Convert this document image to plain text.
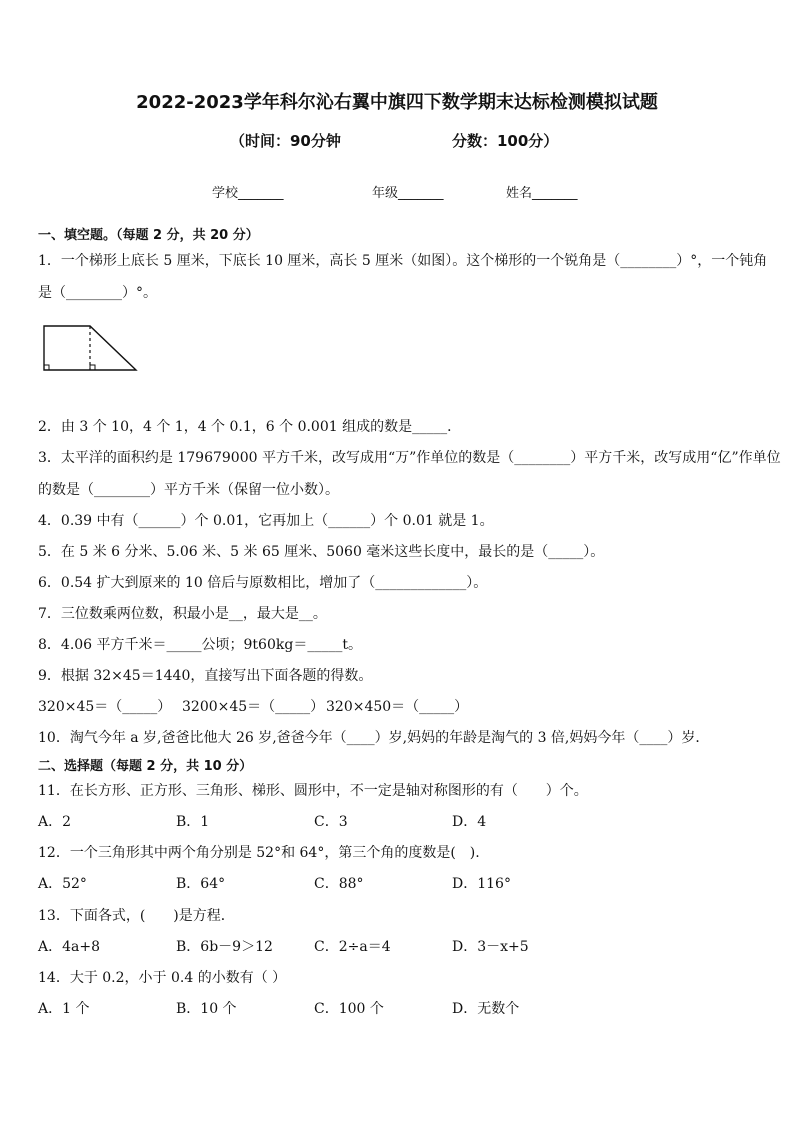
2022-2023学年科尔沁右翼中旗四下数学期末达标检测模拟试题
（时间：90分钟	分数：100分）
学校_______	年级_______	姓名_______
一、填空题。（每题 2 分，共 20 分）
1．一个梯形上底长 5 厘米，下底长 10 厘米，高长 5 厘米（如图）。这个梯形的一个锐角是（________）°，一个钝角
是（________）°。
2．由 3 个 10，4 个 1，4 个 0.1，6 个 0.001 组成的数是_____．
3．太平洋的面积约是 179679000 平方千米，改写成用“万”作单位的数是（________）平方千米，改写成用“亿”作单位
的数是（________）平方千米（保留一位小数）。
4．0.39 中有（______）个 0.01，它再加上（______）个 0.01 就是 1。
5．在 5 米 6 分米、5.06 米、5 米 65 厘米、5060 毫米这些长度中，最长的是（_____）。
6．0.54 扩大到原来的 10 倍后与原数相比，增加了（_____________）。
7．三位数乘两位数，积最小是__，最大是__。
8．4.06 平方千米＝_____公顷；9t60kg＝_____t。
9．根据 32×45＝1440，直接写出下面各题的得数。
320×45＝（_____） 3200×45＝（_____） 320×450＝（_____）
10．淘气今年 a 岁,爸爸比他大 26 岁,爸爸今年（____）岁,妈妈的年龄是淘气的 3 倍,妈妈今年（____）岁．
二、选择题（每题 2 分，共 10 分）
11．在长方形、正方形、三角形、梯形、圆形中，不一定是轴对称图形的有（　　）个。
A．2	B．1	C．3	D．4
12．一个三角形其中两个角分别是 52°和 64°，第三个角的度数是(　).
A．52°	B．64°	C．88°	D．116°
13．下面各式，(　　)是方程．
A．4a+8	B．6b－9＞12	C．2÷a＝4	D．3－x+5
14．大于 0.2，小于 0.4 的小数有（ ）
A．1 个	B．10 个	C．100 个	D．无数个
